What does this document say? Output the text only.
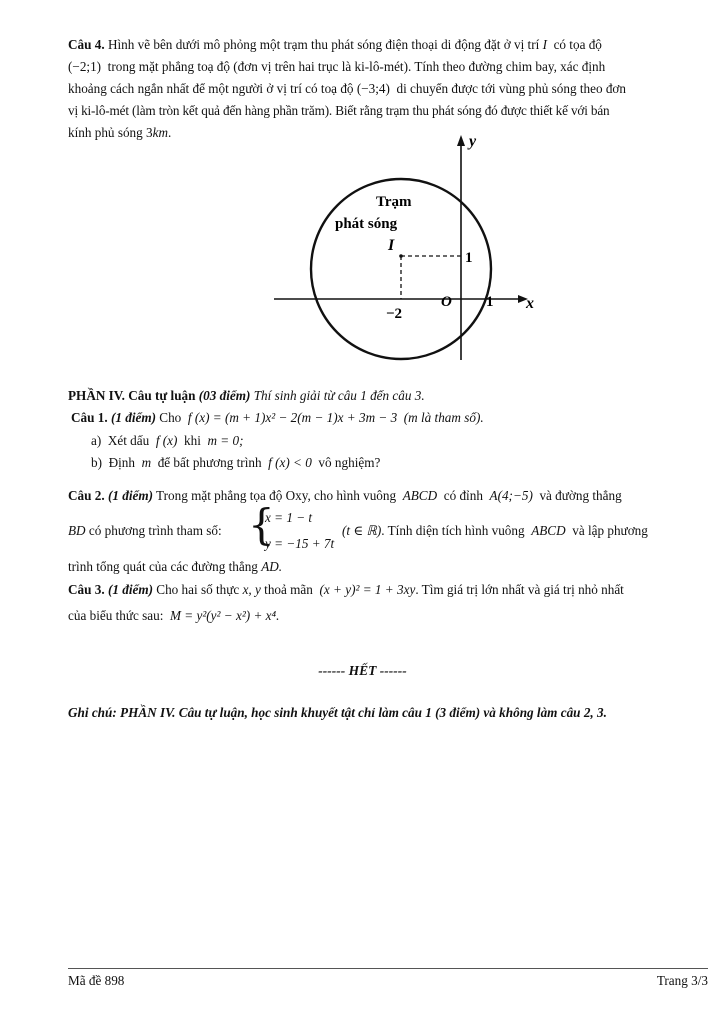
Câu 4. Hình vẽ bên dưới mô phỏng một trạm thu phát sóng điện thoại di động đặt ở vị trí I có tọa độ
(−2;1) trong mặt phẳng toạ độ (đơn vị trên hai trục là ki-lô-mét). Tính theo đường chim bay, xác định
khoảng cách ngắn nhất để một người ở vị trí có toạ độ (−3;4) di chuyển được tới vùng phủ sóng theo đơn
vị ki-lô-mét (làm tròn kết quả đến hàng phần trăm). Biết rằng trạm thu phát sóng đó được thiết kế với bán
kính phủ sóng 3km.
Trạm
phát sóng
I
y
x
1
−2
O 1
PHẦN IV. Câu tự luận (03 điểm) Thí sinh giải từ câu 1 đến câu 3.
Câu 1. (1 điểm) Cho f (x) = (m + 1)x² − 2(m − 1)x + 3m − 3 (m là tham số).
a) Xét dấu f (x) khi m = 0;
b) Định m để bất phương trình f (x) < 0 vô nghiệm?
Câu 2. (1 điểm) Trong mặt phẳng tọa độ Oxy, cho hình vuông ABCD có đỉnh A(4;−5) và đường thẳng
BD có phương trình tham số: {
x = 1 − t
y = −15 + 7t
(t ∈ ℝ). Tính diện tích hình vuông ABCD và lập phương
trình tổng quát của các đường thẳng AD.
Câu 3. (1 điểm) Cho hai số thực x, y thoả mãn (x + y)² = 1 + 3xy. Tìm giá trị lớn nhất và giá trị nhỏ nhất
của biểu thức sau: M = y²(y² − x²) + x⁴.
------ HẾT ------
Ghi chú: PHẦN IV. Câu tự luận, học sinh khuyết tật chỉ làm câu 1 (3 điểm) và không làm câu 2, 3.
Mã đề 898	Trang 3/3
